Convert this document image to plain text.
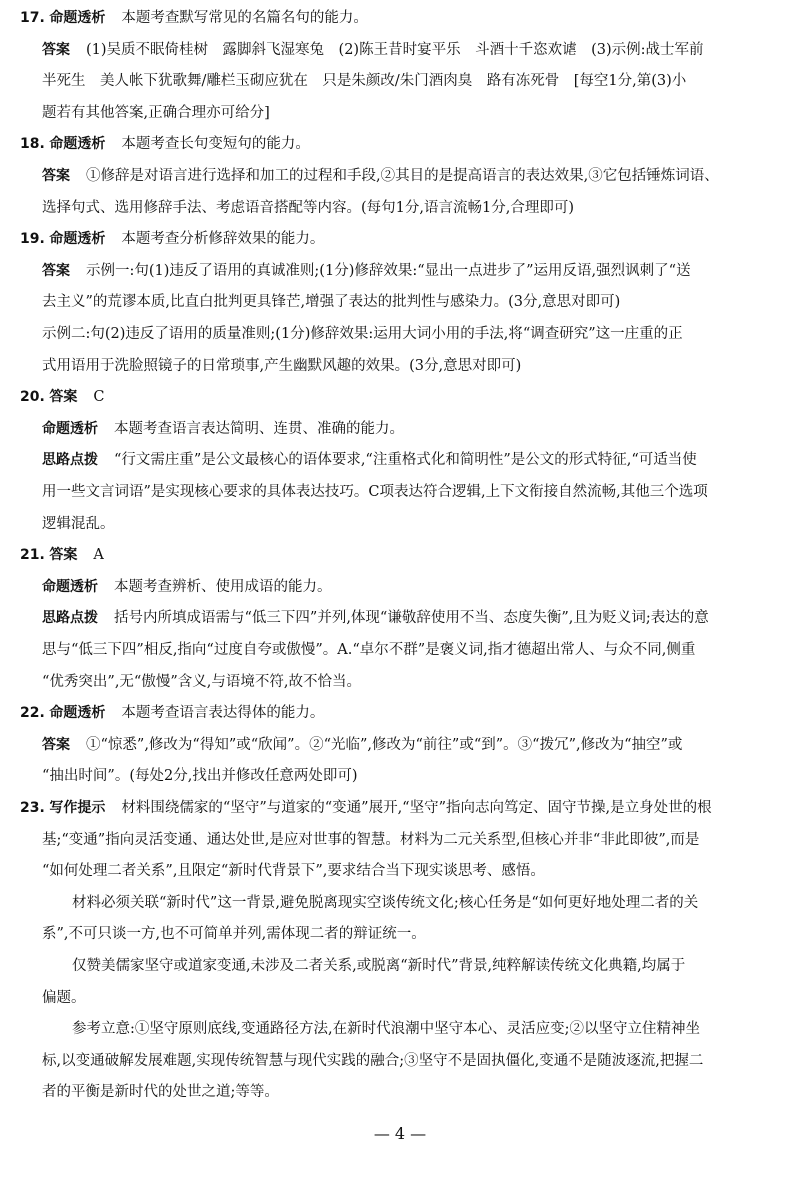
17. 命题透析 本题考查默写常见的名篇名句的能力。
答案 (1)吴质不眠倚桂树　露脚斜飞湿寒兔　(2)陈王昔时宴平乐　斗酒十千恣欢谑　(3)示例:战士军前
半死生　美人帐下犹歌舞/雕栏玉砌应犹在　只是朱颜改/朱门酒肉臭　路有冻死骨　[每空1分,第(3)小
题若有其他答案,正确合理亦可给分]
18. 命题透析 本题考查长句变短句的能力。
答案 ①修辞是对语言进行选择和加工的过程和手段,②其目的是提高语言的表达效果,③它包括锤炼词语、
选择句式、选用修辞手法、考虑语音搭配等内容。(每句1分,语言流畅1分,合理即可)
19. 命题透析 本题考查分析修辞效果的能力。
答案 示例一:句(1)违反了语用的真诚准则;(1分)修辞效果:“显出一点进步了”运用反语,强烈讽刺了“送
去主义”的荒谬本质,比直白批判更具锋芒,增强了表达的批判性与感染力。(3分,意思对即可)
示例二:句(2)违反了语用的质量准则;(1分)修辞效果:运用大词小用的手法,将“调查研究”这一庄重的正
式用语用于洗脸照镜子的日常琐事,产生幽默风趣的效果。(3分,意思对即可)
20. 答案 C
命题透析 本题考查语言表达简明、连贯、准确的能力。
思路点拨 “行文需庄重”是公文最核心的语体要求,“注重格式化和简明性”是公文的形式特征,“可适当使
用一些文言词语”是实现核心要求的具体表达技巧。C项表达符合逻辑,上下文衔接自然流畅,其他三个选项
逻辑混乱。
21. 答案 A
命题透析 本题考查辨析、使用成语的能力。
思路点拨 括号内所填成语需与“低三下四”并列,体现“谦敬辞使用不当、态度失衡”,且为贬义词;表达的意
思与“低三下四”相反,指向“过度自夸或傲慢”。A.“卓尔不群”是褒义词,指才德超出常人、与众不同,侧重
“优秀突出”,无“傲慢”含义,与语境不符,故不恰当。
22. 命题透析 本题考查语言表达得体的能力。
答案 ①“惊悉”,修改为“得知”或“欣闻”。②“光临”,修改为“前往”或“到”。③“拨冗”,修改为“抽空”或
“抽出时间”。(每处2分,找出并修改任意两处即可)
23. 写作提示 材料围绕儒家的“坚守”与道家的“变通”展开,“坚守”指向志向笃定、固守节操,是立身处世的根
基;“变通”指向灵活变通、通达处世,是应对世事的智慧。材料为二元关系型,但核心并非“非此即彼”,而是
“如何处理二者关系”,且限定“新时代背景下”,要求结合当下现实谈思考、感悟。
材料必须关联“新时代”这一背景,避免脱离现实空谈传统文化;核心任务是“如何更好地处理二者的关
系”,不可只谈一方,也不可简单并列,需体现二者的辩证统一。
仅赞美儒家坚守或道家变通,未涉及二者关系,或脱离“新时代”背景,纯粹解读传统文化典籍,均属于
偏题。
参考立意:①坚守原则底线,变通路径方法,在新时代浪潮中坚守本心、灵活应变;②以坚守立住精神坐
标,以变通破解发展难题,实现传统智慧与现代实践的融合;③坚守不是固执僵化,变通不是随波逐流,把握二
者的平衡是新时代的处世之道;等等。
— 4 —
